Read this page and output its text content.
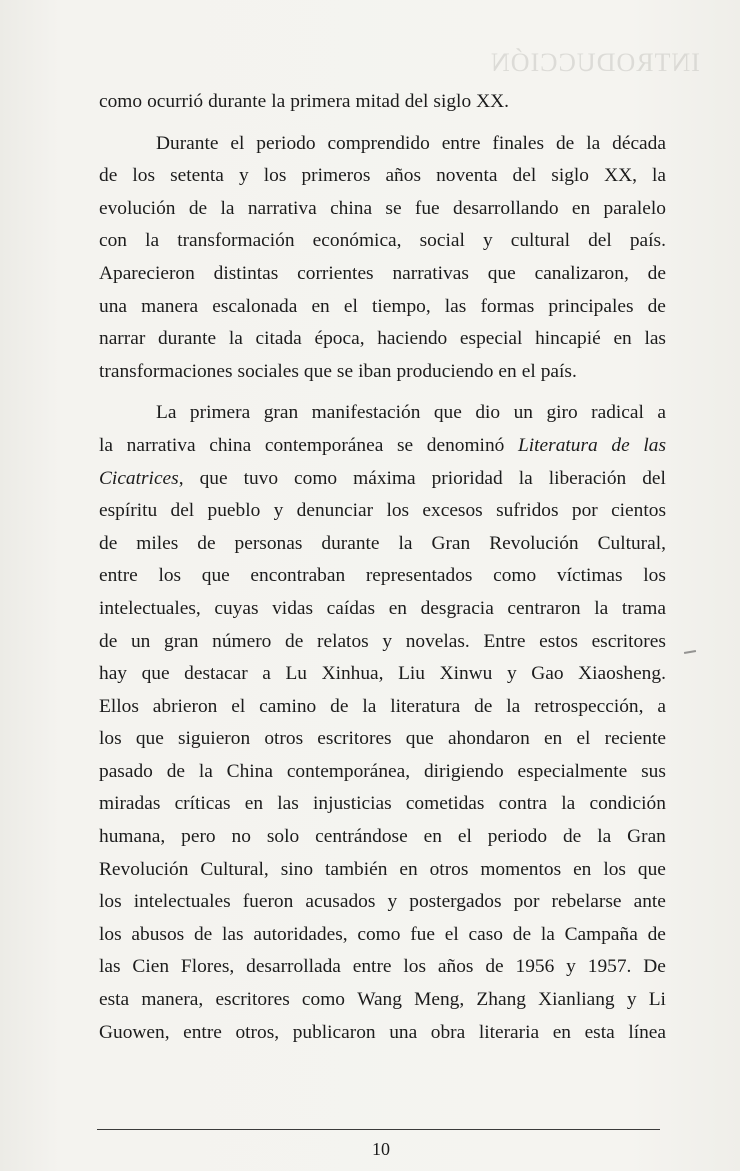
INTRODUCCIÓN
como ocurrió durante la primera mitad del siglo XX.
Durante el periodo comprendido entre finales de la década
de los setenta y los primeros años noventa del siglo XX, la
evolución de la narrativa china se fue desarrollando en paralelo
con la transformación económica, social y cultural del país.
Aparecieron distintas corrientes narrativas que canalizaron, de
una manera escalonada en el tiempo, las formas principales de
narrar durante la citada época, haciendo especial hincapié en las
transformaciones sociales que se iban produciendo en el país.
La primera gran manifestación que dio un giro radical a
la narrativa china contemporánea se denominó Literatura de las
Cicatrices, que tuvo como máxima prioridad la liberación del
espíritu del pueblo y denunciar los excesos sufridos por cientos
de miles de personas durante la Gran Revolución Cultural,
entre los que encontraban representados como víctimas los
intelectuales, cuyas vidas caídas en desgracia centraron la trama
de un gran número de relatos y novelas. Entre estos escritores
hay que destacar a Lu Xinhua, Liu Xinwu y Gao Xiaosheng.
Ellos abrieron el camino de la literatura de la retrospección, a
los que siguieron otros escritores que ahondaron en el reciente
pasado de la China contemporánea, dirigiendo especialmente sus
miradas críticas en las injusticias cometidas contra la condición
humana, pero no solo centrándose en el periodo de la Gran
Revolución Cultural, sino también en otros momentos en los que
los intelectuales fueron acusados y postergados por rebelarse ante
los abusos de las autoridades, como fue el caso de la Campaña de
las Cien Flores, desarrollada entre los años de 1956 y 1957. De
esta manera, escritores como Wang Meng, Zhang Xianliang y Li
Guowen, entre otros, publicaron una obra literaria en esta línea
10
